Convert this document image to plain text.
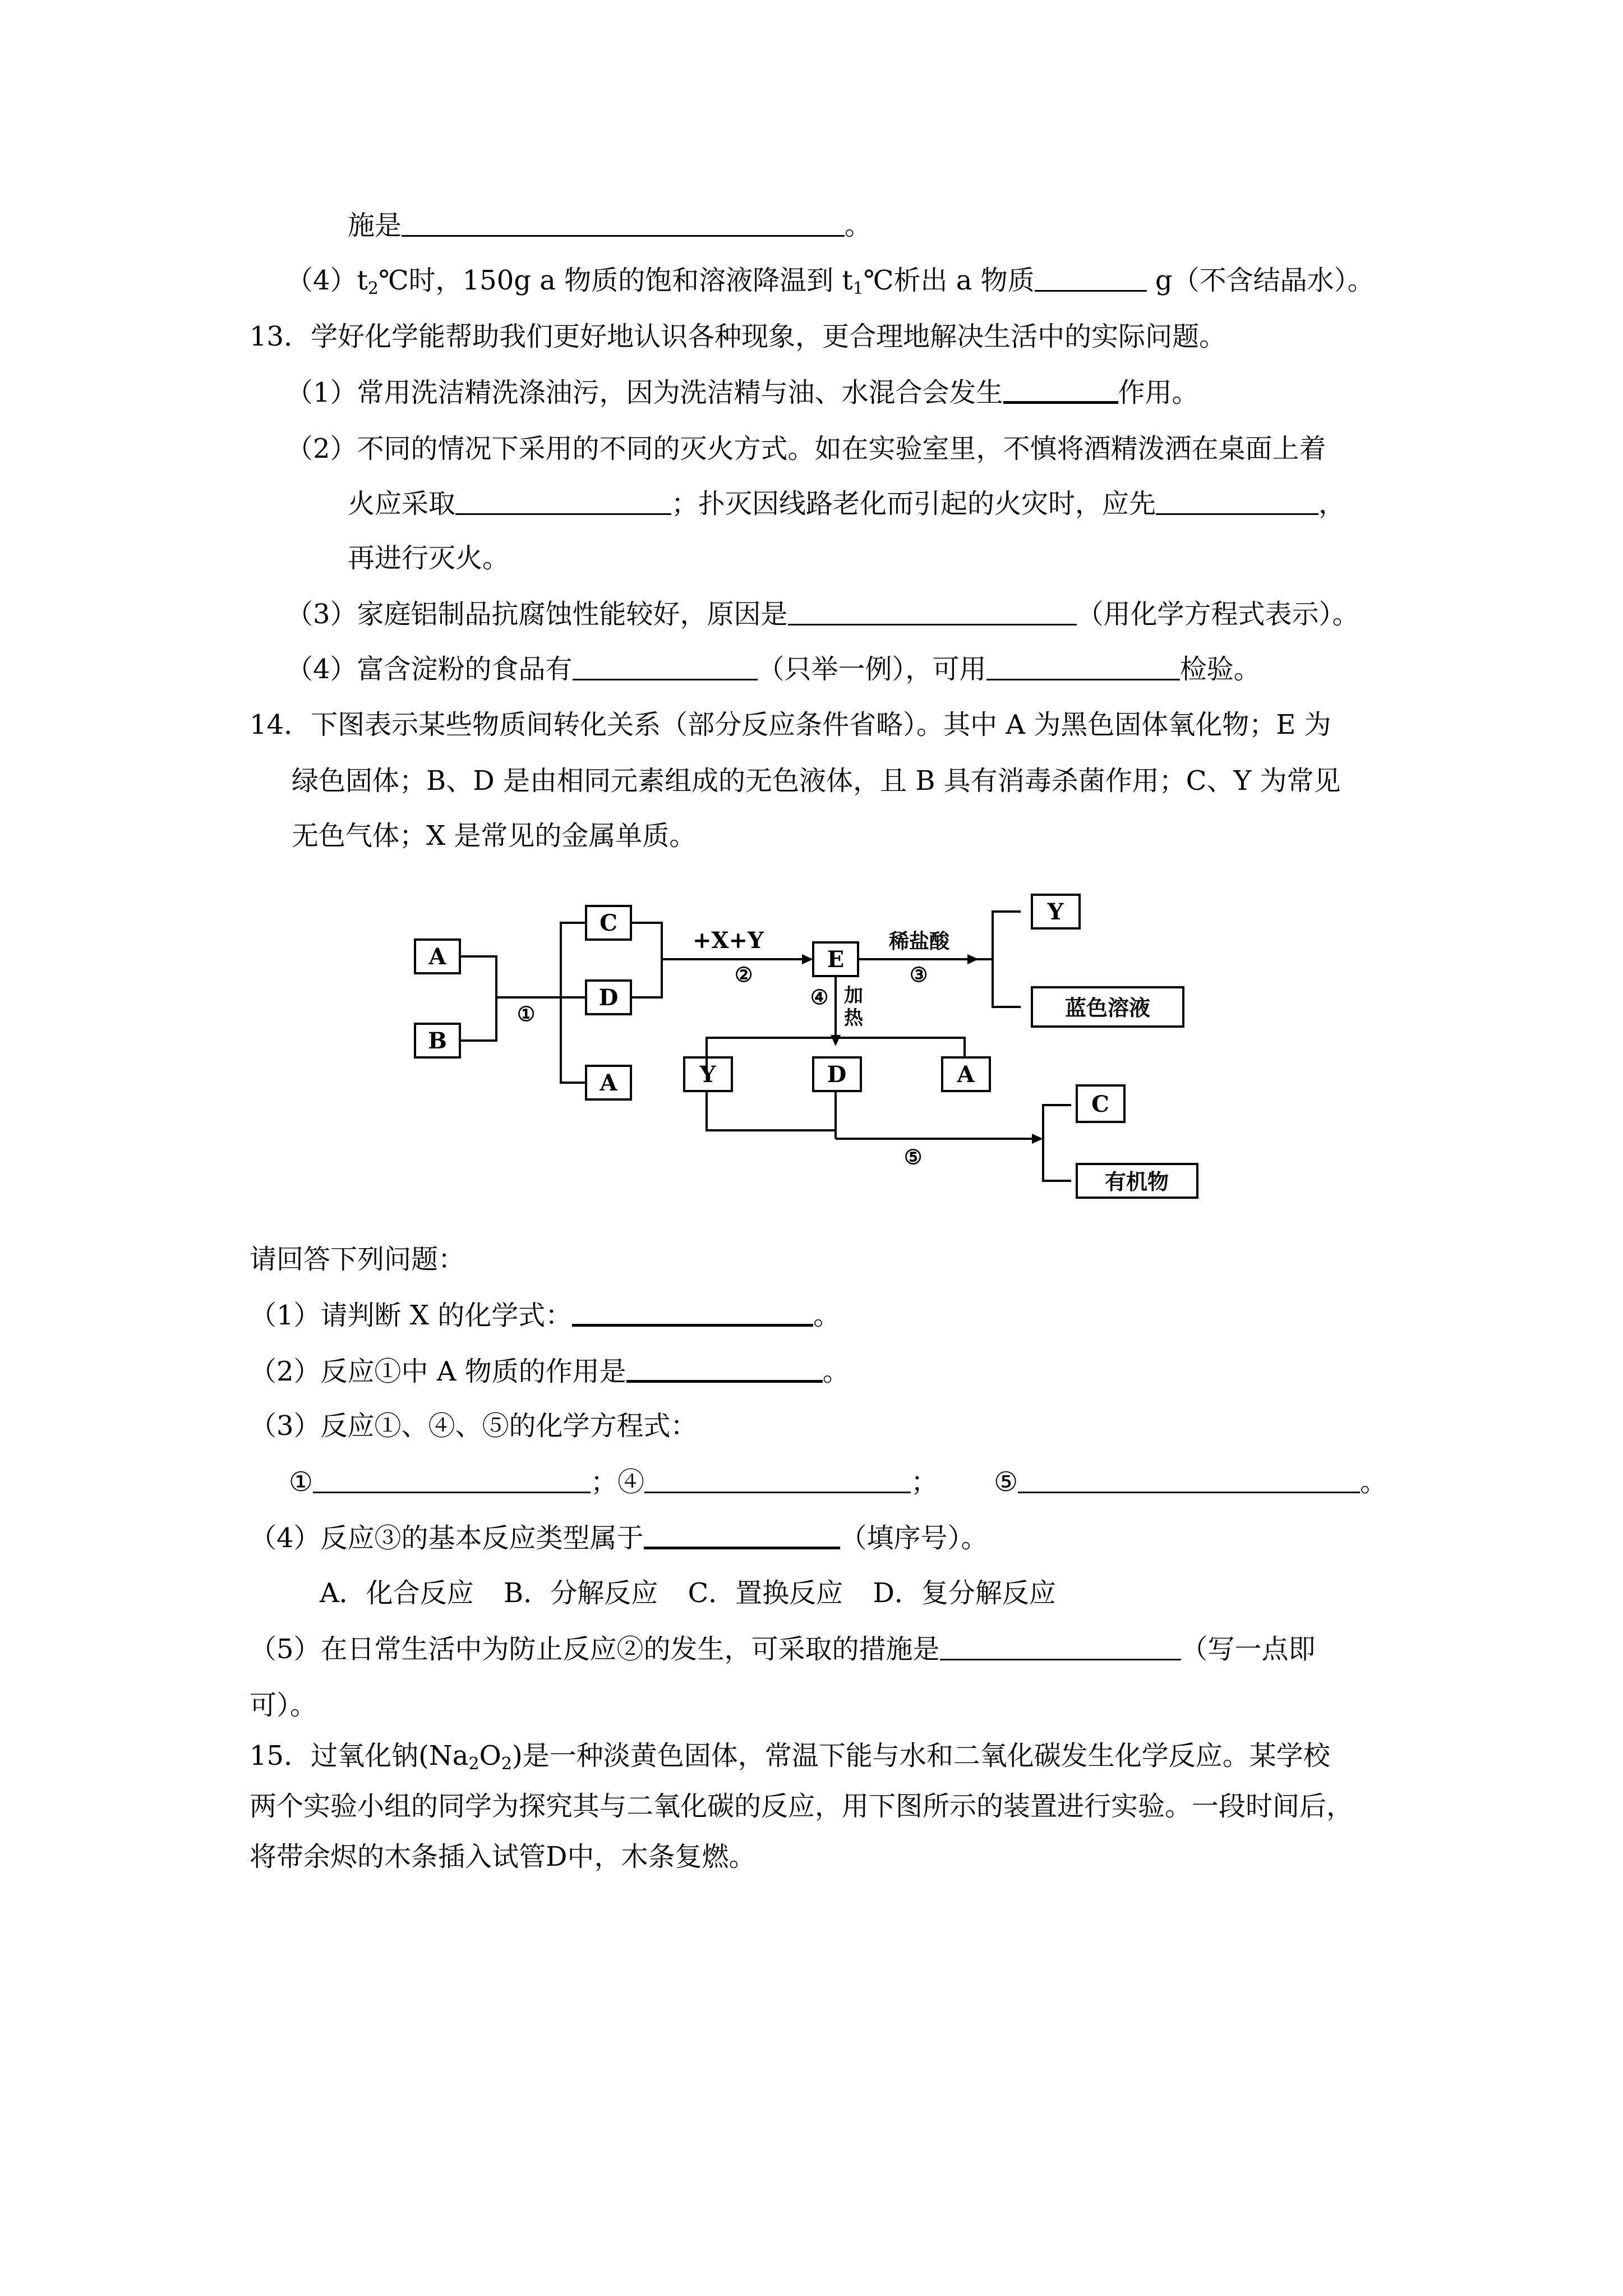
施是	。
$(4)t_2℃$时，150g a 物质的饱和溶液降温到 $t_1℃$析出 a 物质	g（不含结晶水）。
13．学好化学能帮助我们更好地认识各种现象，更合理地解决生活中的实际问题。
（1）常用洗洁精洗涤油污，因为洗洁精与油、水混合会发生	作用。
（2）不同的情况下采用的不同的灭火方式。如在实验室里，不慎将酒精泼洒在桌面上着
火应采取	；扑灭因线路老化而引起的火灾时，应先	，
再进行灭火。
（3）家庭铝制品抗腐蚀性能较好，原因是	（用化学方程式表示）。
（4）富含淀粉的食品有	（只举一例），可用	检验。
14．下图表示某些物质间转化关系（部分反应条件省略）。其中 A 为黑色固体氧化物；E 为
绿色固体；B、D 是由相同元素组成的无色液体，且 B 具有消毒杀菌作用；C、Y 为常见
无色气体；X 是常见的金属单质。
A
B
C
D
A
E
Y
蓝色溶液
Y	D	A
C
有机物
①
+X+Y
②
稀盐酸
③
④ 加
热
⑤
请回答下列问题：
（1）请判断 X 的化学式：	。
（2）反应①中 A 物质的作用是	。
（3）反应①、④、⑤的化学方程式：
①	；④	； ⑤	。
（4）反应③的基本反应类型属于	（填序号）。
A．化合反应 B．分解反应 C．置换反应 D．复分解反应
（5）在日常生活中为防止反应②的发生，可采取的措施是	（写一点即
可）。
15．过氧化钠$(Na_2O_2)$是一种淡黄色固体，常温下能与水和二氧化碳发生化学反应。某学校
两个实验小组的同学为探究其与二氧化碳的反应，用下图所示的装置进行实验。一段时间后，
将带余烬的木条插入试管D中，木条复燃。
